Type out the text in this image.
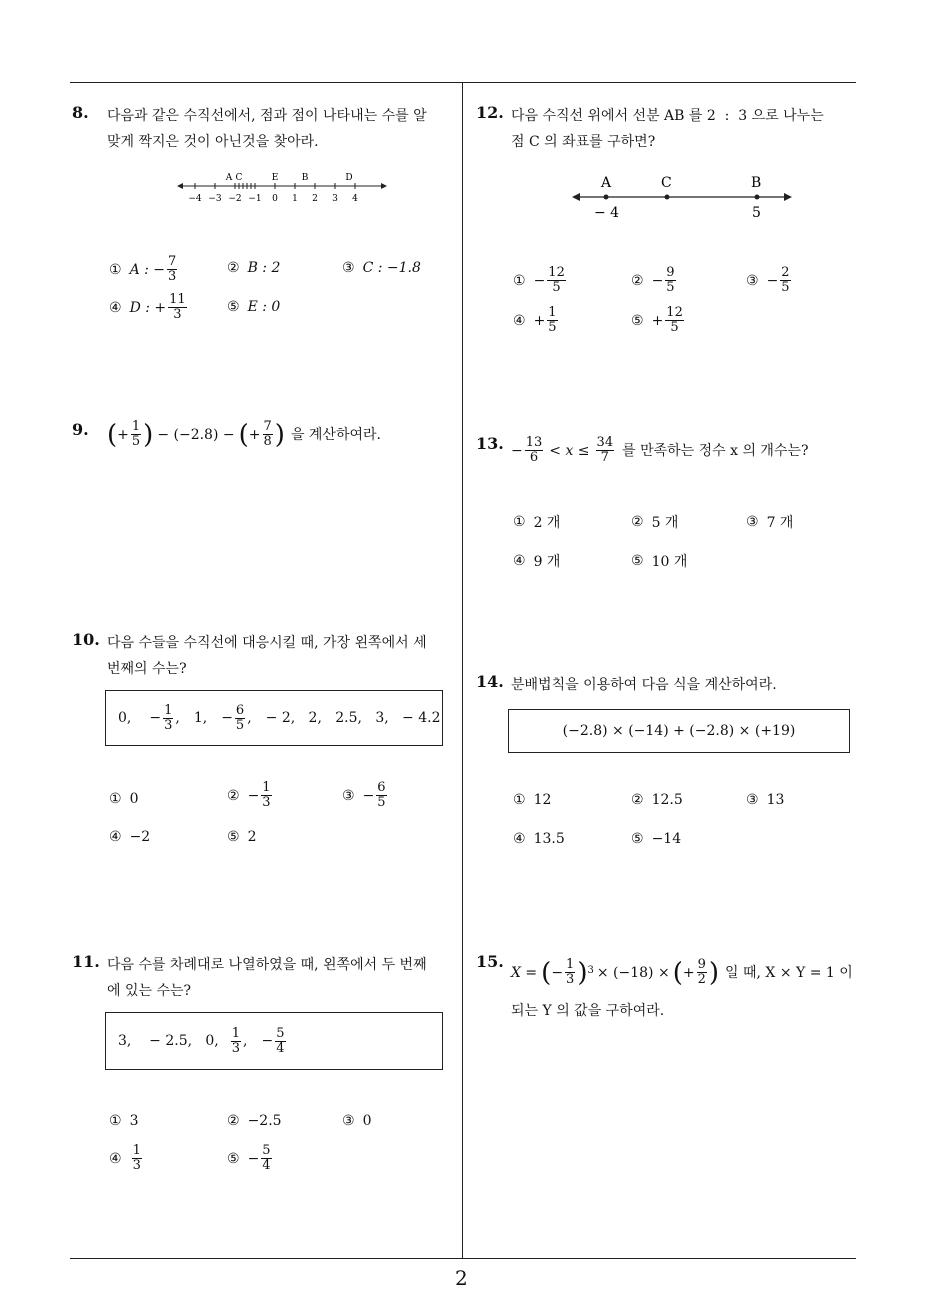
2
8. 다음과 같은 수직선에서, 점과 점이 나타내는 수를 알
맞게 짝지은 것이 아닌것을 찾아라.
−4 −3 −2 −1 0 1 2 3 4
A C	E	B	D
① A : − $\frac{7}{3}$	② B : 2	③ C : −1.8
④ D : + $\frac{11}{3}$	⑤ E : 0
9. ( + $\frac{1}{5}$ ) − (−2.8) − ( + $\frac{7}{8}$ ) 을 계산하여라.
10. 다음 수들을 수직선에 대응시킬 때, 가장 왼쪽에서 세
번째의 수는?
0, − $\frac{1}{3}$ , 1, − $\frac{6}{5}$ , − 2,   2,   2.5,   3,   − 4.2
① 0	② − $\frac{1}{3}$	③ − $\frac{6}{5}$
④ −2	⑤ 2
11. 다음 수를 차례대로 나열하였을 때, 왼쪽에서 두 번째
에 있는 수는?
3,    − 2.5,   0, $\frac{1}{3}$ , − $\frac{5}{4}$
① 3	② −2.5	③ 0
④ $\frac{1}{3}$	⑤ − $\frac{5}{4}$
12. 다음 수직선 위에서 선분 AB 를 2  :  3 으로 나누는
점 C 의 좌표를 구하면?
A	C	B
− 4	5
① − $\frac{12}{5}$	② − $\frac{9}{5}$	③ − $\frac{2}{5}$
④ + $\frac{1}{5}$	⑤ + $\frac{12}{5}$
13. − $\frac{13}{6} < x \le \frac{34}{7}$ 를 만족하는 정수 x 의 개수는?
① 2 개	② 5 개	③ 7 개
④ 9 개	⑤ 10 개
14. 분배법칙을 이용하여 다음 식을 계산하여라.
(−2.8) × (−14) + (−2.8) × (+19)
① 12	② 12.5	③ 13
④ 13.5	⑤ −14
15.
X = ( − $\frac{1}{3}$ ) 3 × (−18) × ( + $\frac{9}{2}$ ) 일 때, X × Y = 1 이
되는 Y 의 값을 구하여라.
